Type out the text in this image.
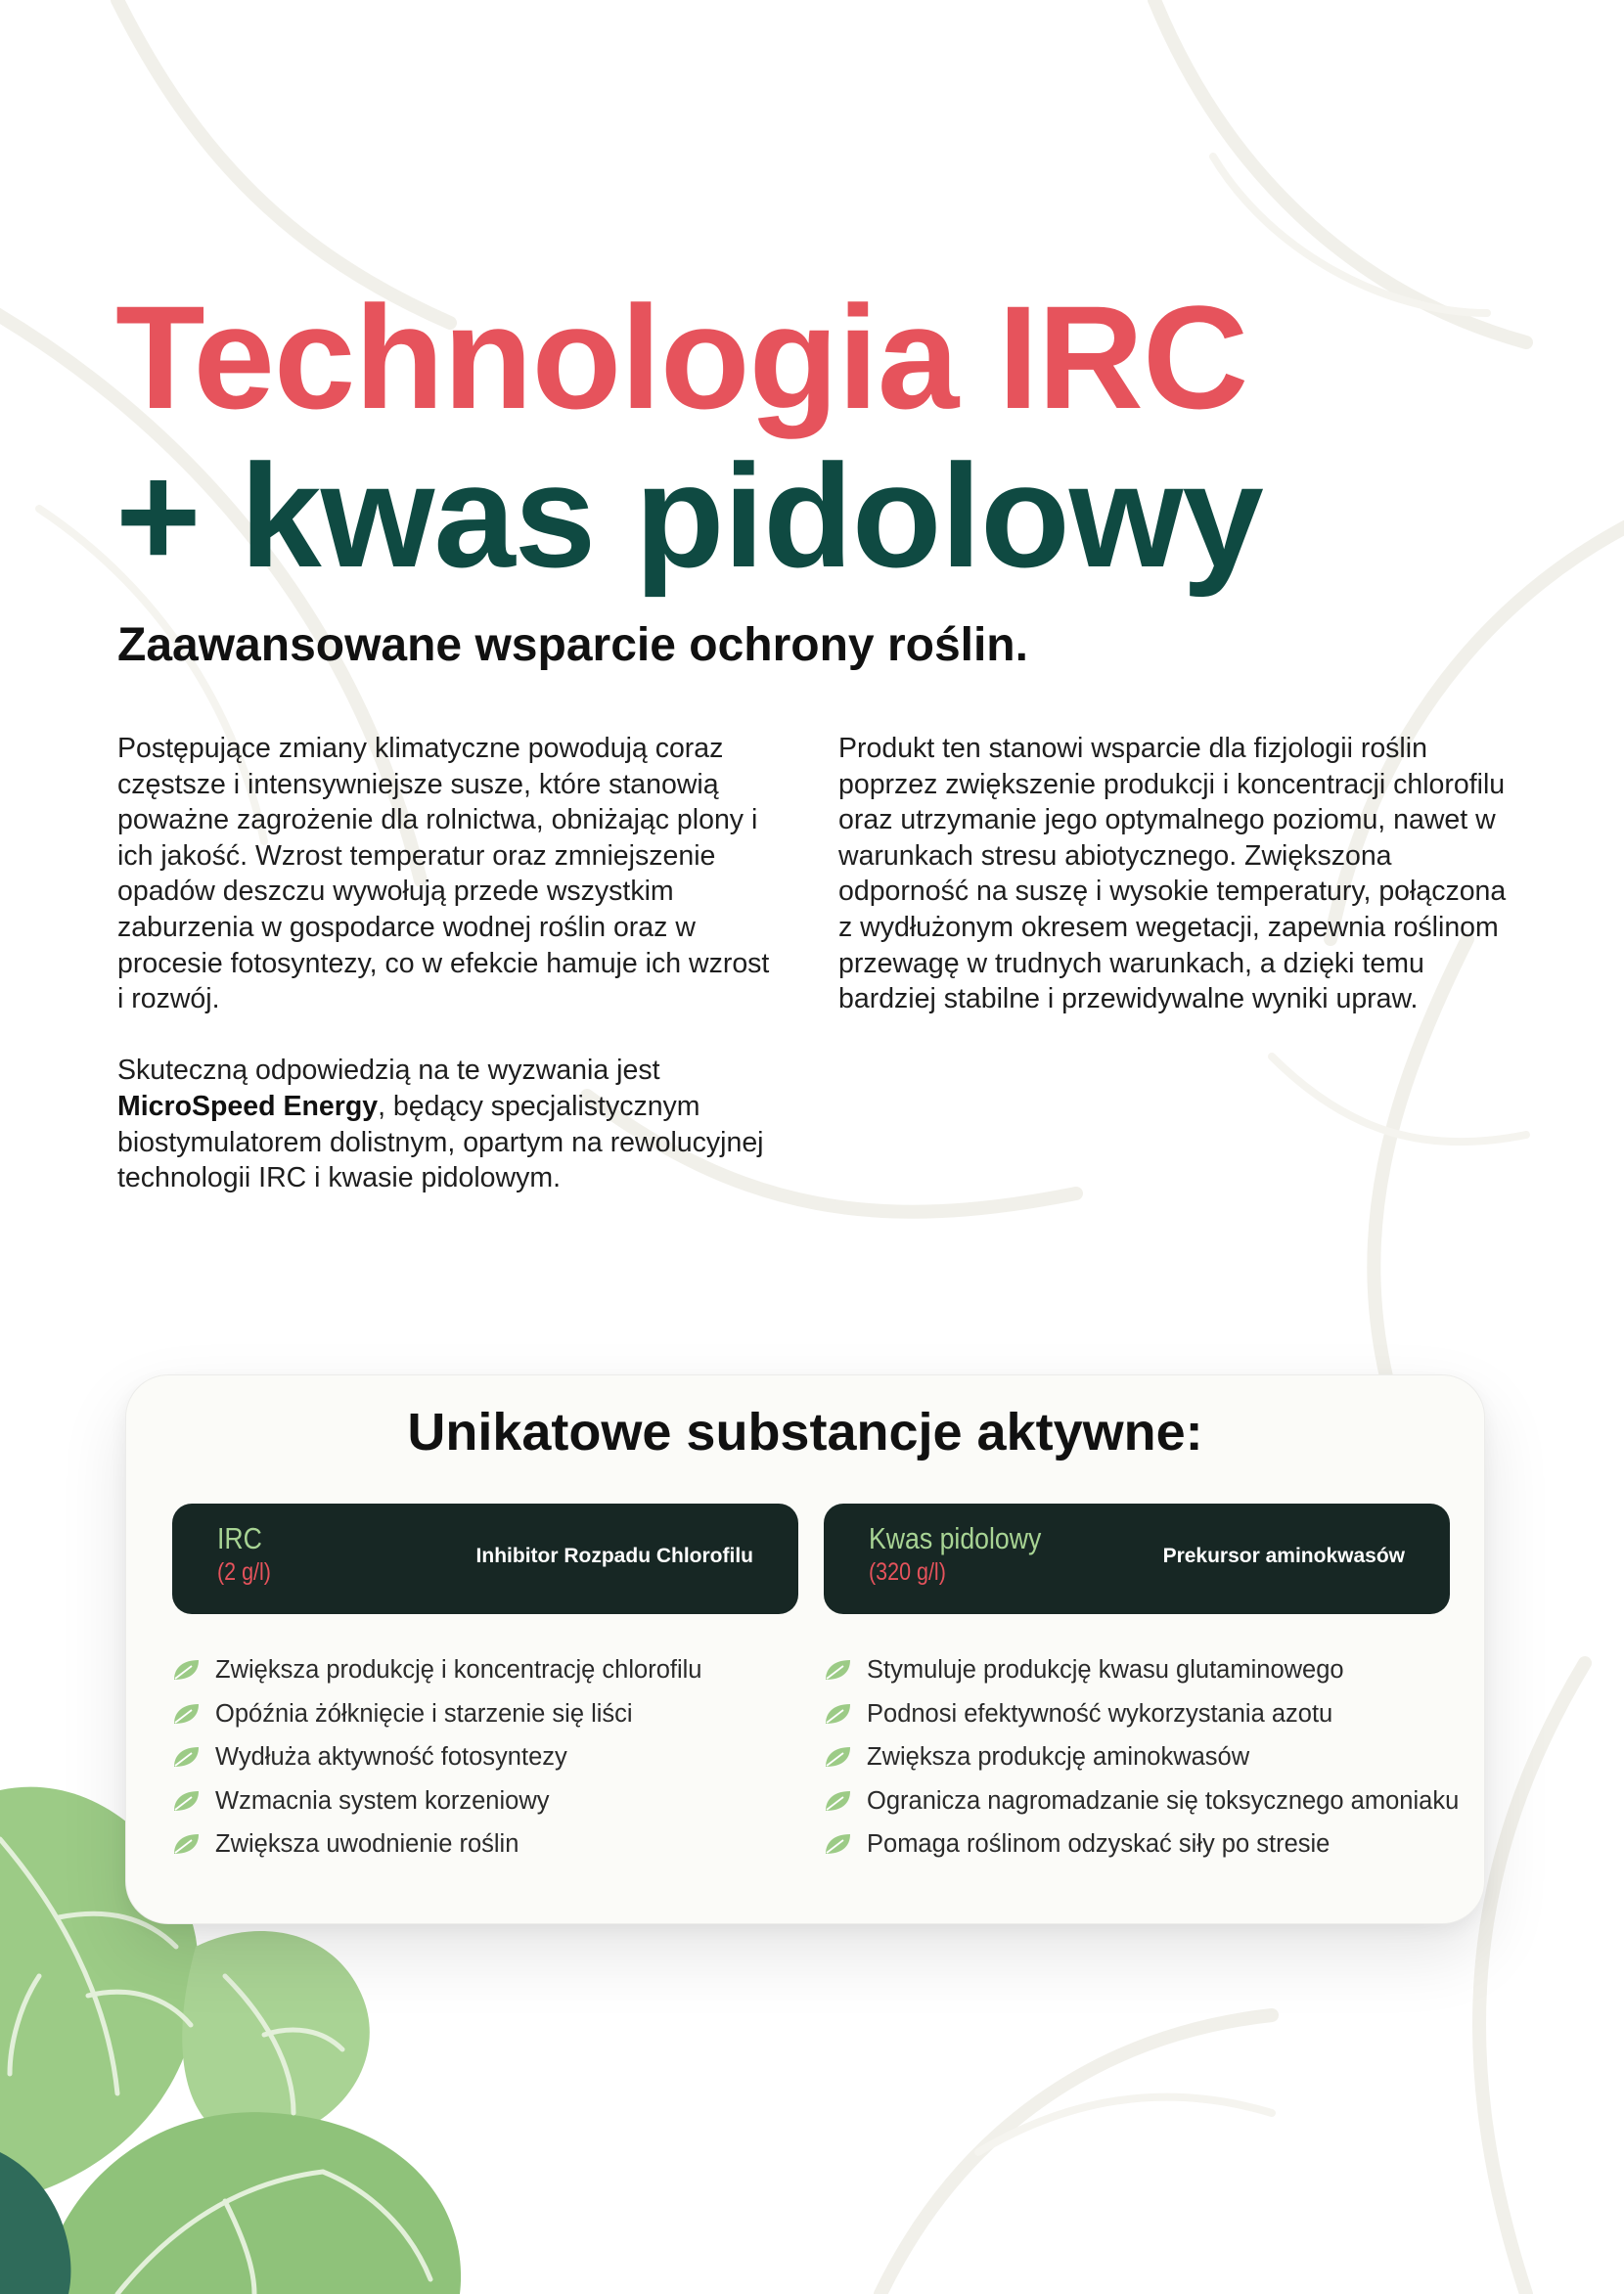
Technologia IRC
+ kwas pidolowy
Zaawansowane wsparcie ochrony roślin.

Postępujące zmiany klimatyczne powodują coraz częstsze i intensywniejsze susze, które stanowią poważne zagrożenie dla rolnictwa, obniżając plony i ich jakość. Wzrost temperatur oraz zmniejszenie opadów deszczu wywołują przede wszystkim zaburzenia w gospodarce wodnej roślin oraz w procesie fotosyntezy, co w efekcie hamuje ich wzrost i rozwój.

Skuteczną odpowiedzią na te wyzwania jest MicroSpeed Energy, będący specjalistycznym biostymulatorem dolistnym, opartym na rewolucyjnej technologii IRC i kwasie pidolowym.

Produkt ten stanowi wsparcie dla fizjologii roślin poprzez zwiększenie produkcji i koncentracji chlorofilu oraz utrzymanie jego optymalnego poziomu, nawet w warunkach stresu abiotycznego. Zwiększona odporność na suszę i wysokie temperatury, połączona z wydłużonym okresem wegetacji, zapewnia roślinom przewagę w trudnych warunkach, a dzięki temu bardziej stabilne i przewidywalne wyniki upraw.

Unikatowe substancje aktywne:
IRC
(2 g/l)
Inhibitor Rozpadu Chlorofilu
Kwas pidolowy
(320 g/l)
Prekursor aminokwasów
Zwiększa produkcję i koncentrację chlorofilu
Opóźnia żółknięcie i starzenie się liści
Wydłuża aktywność fotosyntezy
Wzmacnia system korzeniowy
Zwiększa uwodnienie roślin
Stymuluje produkcję kwasu glutaminowego
Podnosi efektywność wykorzystania azotu
Zwiększa produkcję aminokwasów
Ogranicza nagromadzanie się toksycznego amoniaku
Pomaga roślinom odzyskać siły po stresie
